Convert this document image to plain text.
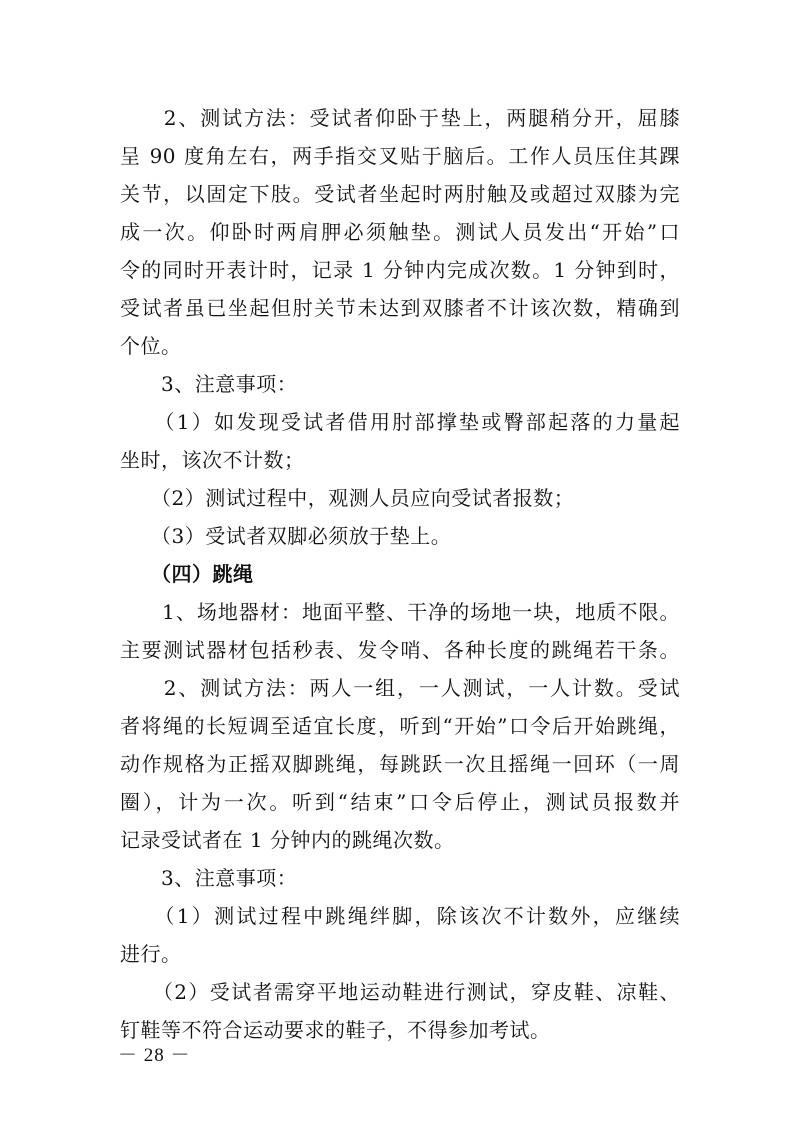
　　2、测试方法：受试者仰卧于垫上，两腿稍分开，屈膝
呈 90 度角左右，两手指交叉贴于脑后。工作人员压住其踝
关节，以固定下肢。受试者坐起时两肘触及或超过双膝为完
成一次。仰卧时两肩胛必须触垫。测试人员发出“开始”口
令的同时开表计时，记录 1 分钟内完成次数。1 分钟到时，
受试者虽已坐起但肘关节未达到双膝者不计该次数，精确到
个位。
　　3、注意事项：
　　（1）如发现受试者借用肘部撑垫或臀部起落的力量起
坐时，该次不计数；
　　（2）测试过程中，观测人员应向受试者报数；
　　（3）受试者双脚必须放于垫上。
　　（四）跳绳
　　1、场地器材：地面平整、干净的场地一块，地质不限。
主要测试器材包括秒表、发令哨、各种长度的跳绳若干条。
　　2、测试方法：两人一组，一人测试，一人计数。受试
者将绳的长短调至适宜长度，听到“开始”口令后开始跳绳，
动作规格为正摇双脚跳绳，每跳跃一次且摇绳一回环（一周
圈），计为一次。听到“结束”口令后停止，测试员报数并
记录受试者在 1 分钟内的跳绳次数。
　　3、注意事项：
　　（1）测试过程中跳绳绊脚，除该次不计数外，应继续
进行。
　　（2）受试者需穿平地运动鞋进行测试，穿皮鞋、凉鞋、
钉鞋等不符合运动要求的鞋子，不得参加考试。
－ 28 －
